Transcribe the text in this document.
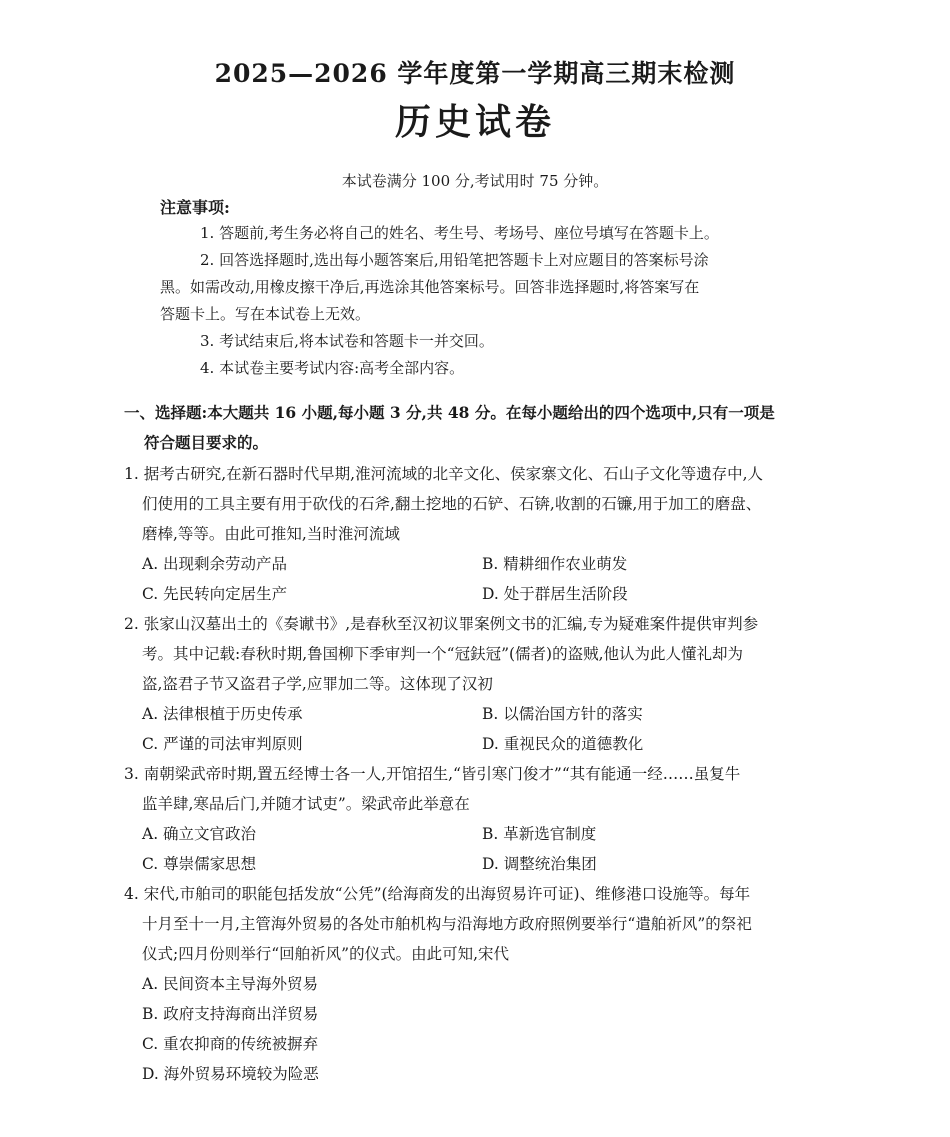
2025—2026 学年度第一学期高三期末检测
历史试卷
本试卷满分 100 分,考试用时 75 分钟。
注意事项:

1. 答题前,考生务必将自己的姓名、考生号、考场号、座位号填写在答题卡上。

2. 回答选择题时,选出每小题答案后,用铅笔把答题卡上对应题目的答案标号涂

黑。如需改动,用橡皮擦干净后,再选涂其他答案标号。回答非选择题时,将答案写在

答题卡上。写在本试卷上无效。

3. 考试结束后,将本试卷和答题卡一并交回。

4. 本试卷主要考试内容:高考全部内容。

一、选择题:本大题共 16 小题,每小题 3 分,共 48 分。在每小题给出的四个选项中,只有一项是
符合题目要求的。

1. 据考古研究,在新石器时代早期,淮河流域的北辛文化、侯家寨文化、石山子文化等遗存中,人
们使用的工具主要有用于砍伐的石斧,翻土挖地的石铲、石锛,收割的石镰,用于加工的磨盘、
磨棒,等等。由此可推知,当时淮河流域

A. 出现剩余劳动产品	B. 精耕细作农业萌发
C. 先民转向定居生产	D. 处于群居生活阶段

2. 张家山汉墓出土的《奏谳书》,是春秋至汉初议罪案例文书的汇编,专为疑难案件提供审判参
考。其中记载:春秋时期,鲁国柳下季审判一个“冠鈇冠”(儒者)的盗贼,他认为此人懂礼却为
盗,盗君子节又盗君子学,应罪加二等。这体现了汉初

A. 法律根植于历史传承	B. 以儒治国方针的落实
C. 严谨的司法审判原则	D. 重视民众的道德教化

3. 南朝梁武帝时期,置五经博士各一人,开馆招生,“皆引寒门俊才”“其有能通一经……虽复牛
监羊肆,寒品后门,并随才试吏”。梁武帝此举意在

A. 确立文官政治	B. 革新选官制度
C. 尊崇儒家思想	D. 调整统治集团

4. 宋代,市舶司的职能包括发放“公凭”(给海商发的出海贸易许可证)、维修港口设施等。每年
十月至十一月,主管海外贸易的各处市舶机构与沿海地方政府照例要举行“遣舶祈风”的祭祀
仪式;四月份则举行“回舶祈风”的仪式。由此可知,宋代

A. 民间资本主导海外贸易
B. 政府支持海商出洋贸易
C. 重农抑商的传统被摒弃
D. 海外贸易环境较为险恶
